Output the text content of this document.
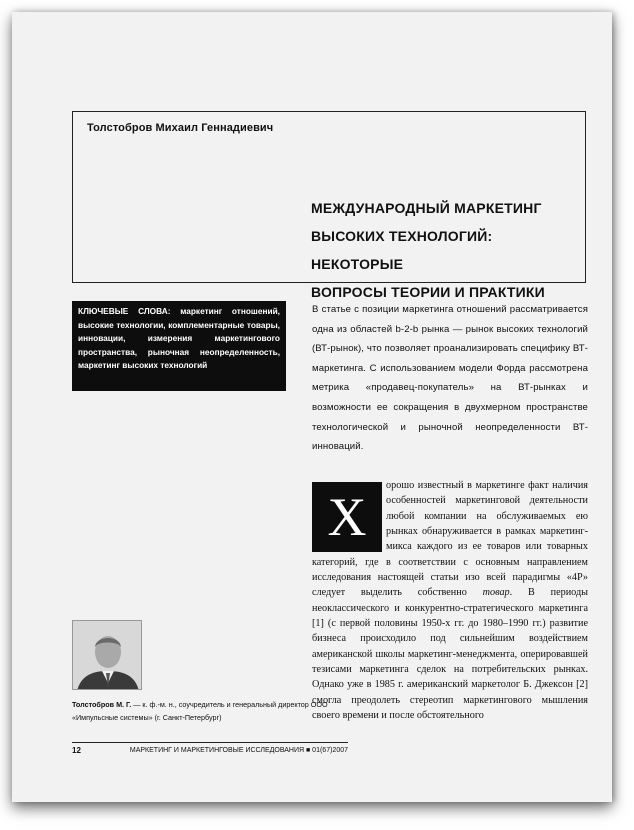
Толстобров Михаил Геннадиевич
МЕЖДУНАРОДНЫЙ МАРКЕТИНГ
ВЫСОКИХ ТЕХНОЛОГИЙ: НЕКОТОРЫЕ
ВОПРОСЫ ТЕОРИИ И ПРАКТИКИ
КЛЮЧЕВЫЕ СЛОВА: маркетинг отношений, высокие технологии, комплементарные товары, инновации, измерения маркетингового пространства, рыночная неопределенность, маркетинг высоких технологий
В статье с позиции маркетинга отношений рассматривается одна из областей b-2-b рынка — рынок высоких технологий (ВТ-рынок), что позволяет проанализировать специфику ВТ-маркетинга. С использованием модели Форда рассмотрена метрика «продавец-покупатель» на ВТ-рынках и возможности ее сокращения в двухмерном пространстве технологической и рыночной неопределенности ВТ-инноваций.
Х
орошо известный в маркетинге факт наличия особенностей маркетинговой деятельности любой компании на обслуживаемых ею рынках обнаруживается в рамках маркетинг-микса каждого из ее товаров или товарных категорий, где в соответствии с основным направлением исследования настоящей статьи изо всей парадигмы «4Р» следует выделить собственно товар. В периоды неоклассического и конкурентно-стратегического маркетинга [1] (с первой половины 1950-х гг. до 1980–1990 гг.) развитие бизнеса происходило под сильнейшим воздействием американской школы маркетинг-менеджмента, оперировавшей тезисами маркетинга сделок на потребительских рынках. Однако уже в 1985 г. американский маркетолог Б. Джексон [2] смогла преодолеть стереотип маркетингового мышления своего времени и после обстоятельного
Толстобров М. Г. — к. ф.-м. н., соучредитель и генеральный директор ООО «Импульсные системы» (г. Санкт-Петербург)
12	МАРКЕТИНГ И МАРКЕТИНГОВЫЕ ИССЛЕДОВАНИЯ ■ 01(67)2007
